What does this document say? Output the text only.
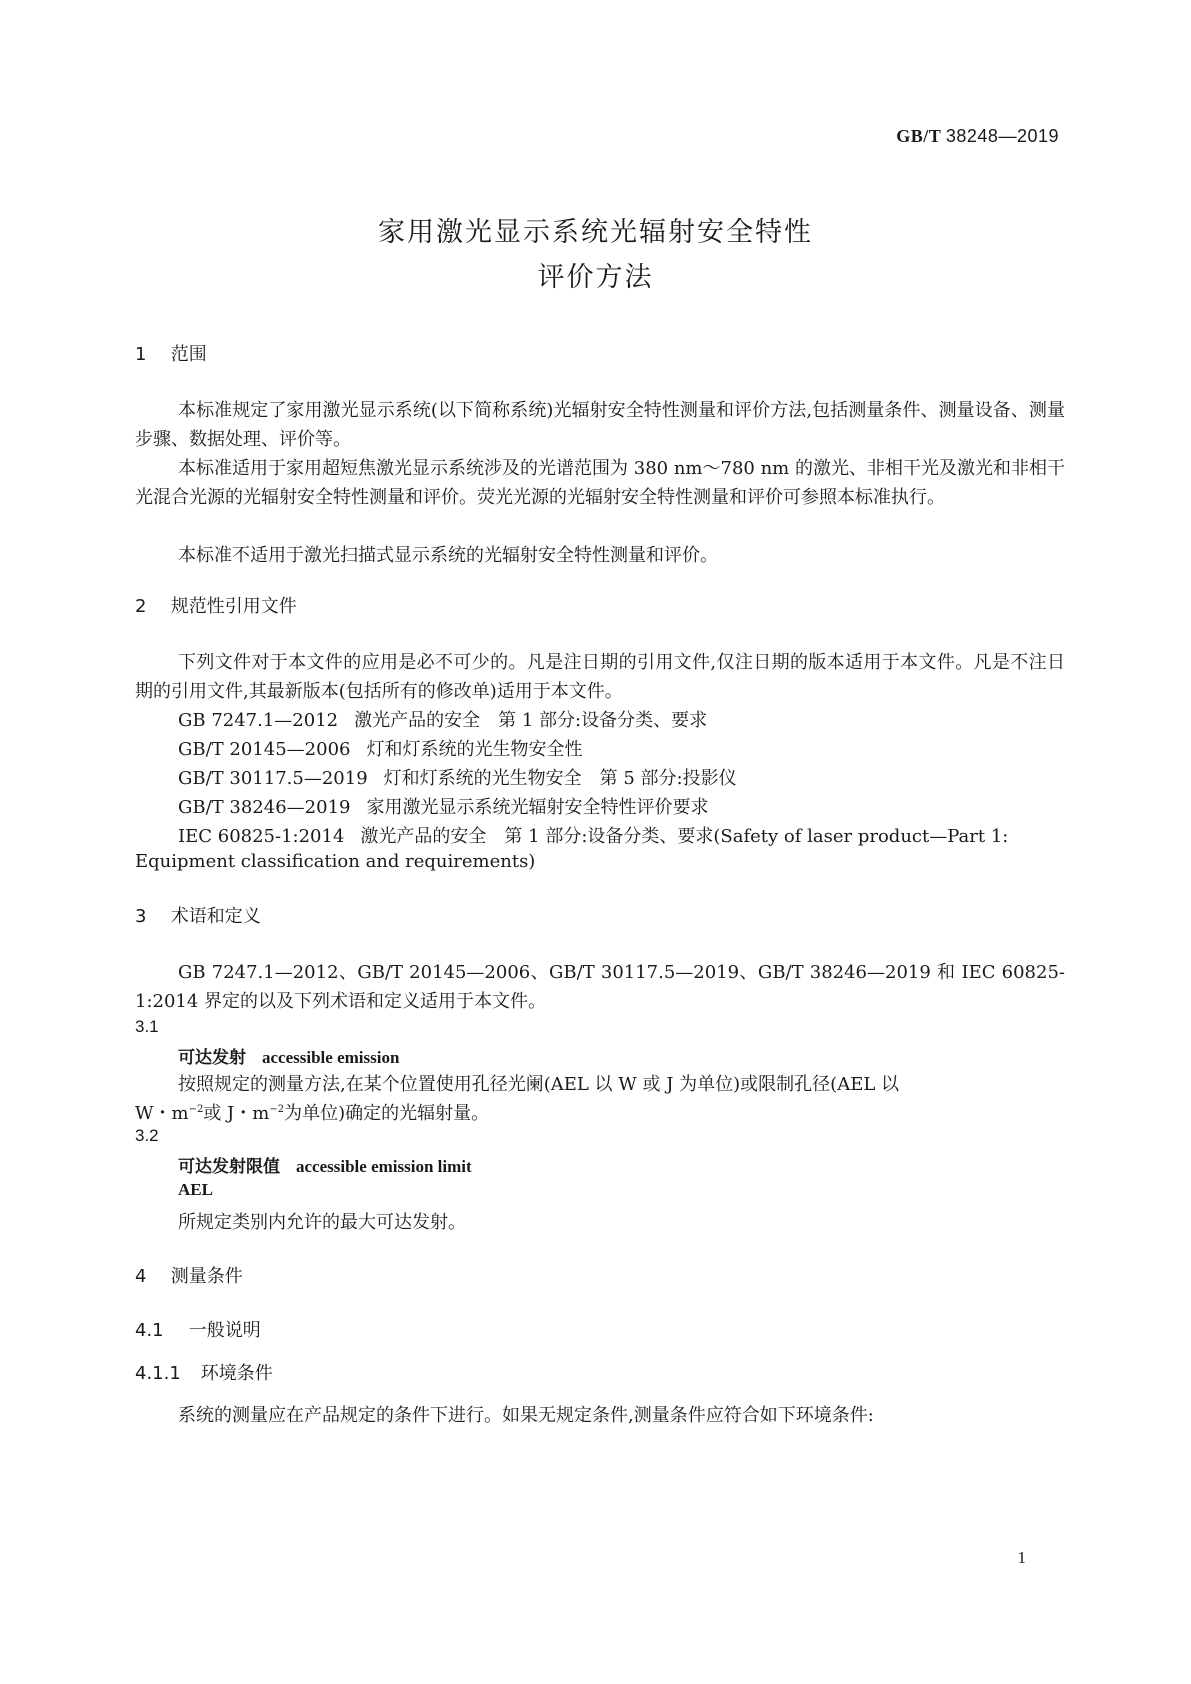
GB/T 38248—2019
家用激光显示系统光辐射安全特性
评价方法
1 范围
本标准规定了家用激光显示系统(以下简称系统)光辐射安全特性测量和评价方法,包括测量条件、测量设备、测量步骤、数据处理、评价等。
本标准适用于家用超短焦激光显示系统涉及的光谱范围为 380 nm～780 nm 的激光、非相干光及激光和非相干光混合光源的光辐射安全特性测量和评价。荧光光源的光辐射安全特性测量和评价可参照本标准执行。
本标准不适用于激光扫描式显示系统的光辐射安全特性测量和评价。
2 规范性引用文件
下列文件对于本文件的应用是必不可少的。凡是注日期的引用文件,仅注日期的版本适用于本文件。凡是不注日期的引用文件,其最新版本(包括所有的修改单)适用于本文件。
GB 7247.1—2012 激光产品的安全　第 1 部分:设备分类、要求
GB/T 20145—2006 灯和灯系统的光生物安全性
GB/T 30117.5—2019 灯和灯系统的光生物安全　第 5 部分:投影仪
GB/T 38246—2019 家用激光显示系统光辐射安全特性评价要求
IEC 60825-1:2014 激光产品的安全　第 1 部分:设备分类、要求(Safety of laser product—Part 1:
Equipment classification and requirements)
3 术语和定义
GB 7247.1—2012、GB/T 20145—2006、GB/T 30117.5—2019、GB/T 38246—2019 和 IEC 60825-1:2014 界定的以及下列术语和定义适用于本文件。
3.1
可达发射 accessible emission
按照规定的测量方法,在某个位置使用孔径光阑(AEL 以 W 或 J 为单位)或限制孔径(AEL 以
W・$m^{-2}$或 J・$m^{-2}$为单位)确定的光辐射量。
3.2
可达发射限值 accessible emission limit
AEL
所规定类别内允许的最大可达发射。
4 测量条件
4.1 一般说明
4.1.1 环境条件
系统的测量应在产品规定的条件下进行。如果无规定条件,测量条件应符合如下环境条件:
1
